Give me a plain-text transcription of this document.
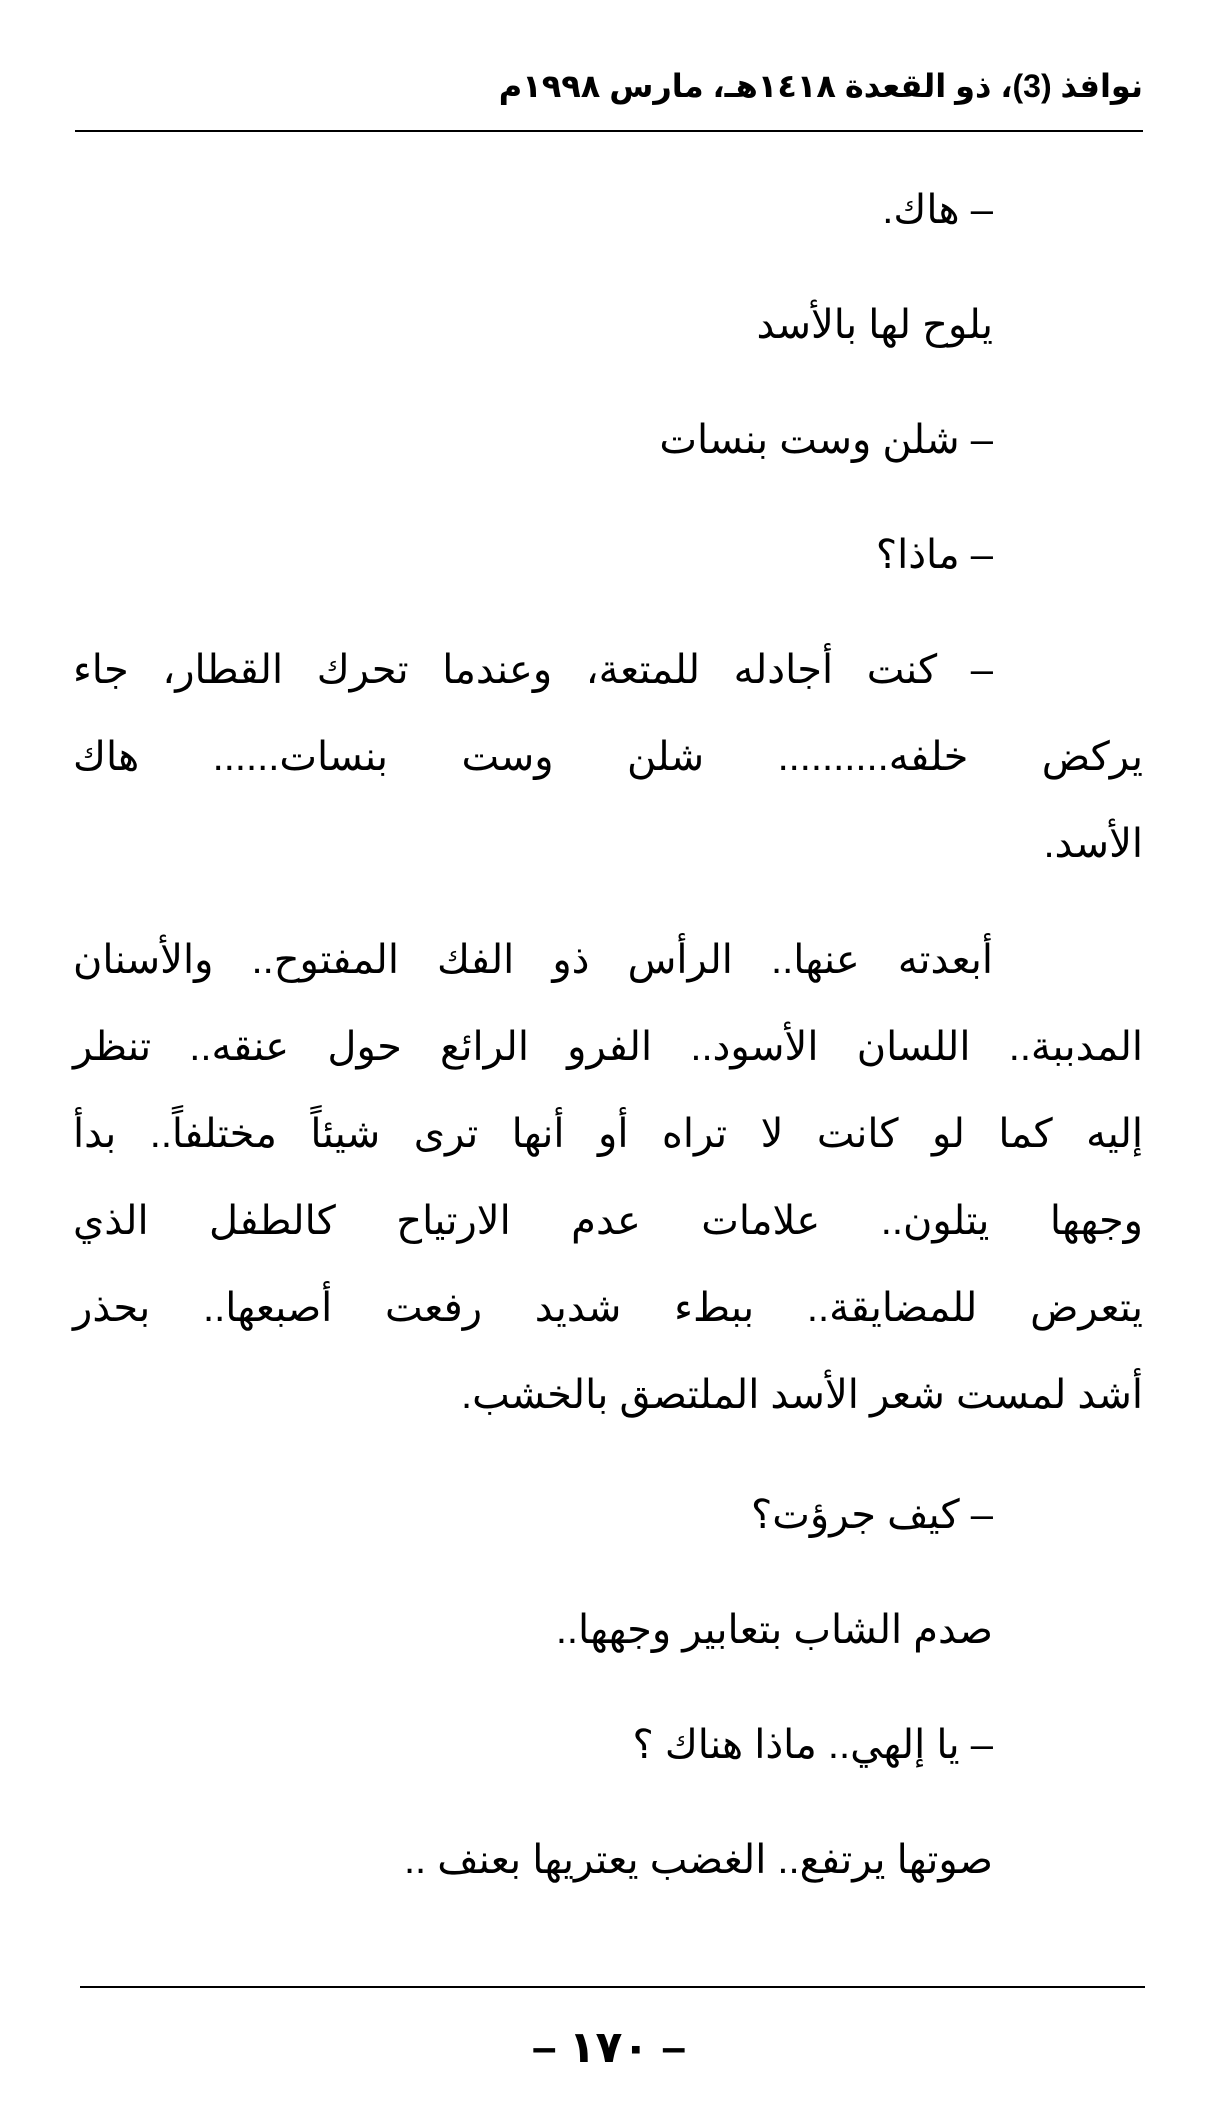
نوافذ (3)، ذو القعدة ١٤١٨هـ، مارس ١٩٩٨م
– هاك.
يلوح لها بالأسد
– شلن وست بنسات
– ماذا؟
– كنت أجادله للمتعة، وعندما تحرك القطار، جاء
يركض خلفه.......... شلن وست بنسات...... هاك
الأسد.
أبعدته عنها.. الرأس ذو الفك المفتوح.. والأسنان
المدببة.. اللسان الأسود.. الفرو الرائع حول عنقه.. تنظر
إليه كما لو كانت لا تراه أو أنها ترى شيئاً مختلفاً.. بدأ
وجهها يتلون.. علامات عدم الارتياح كالطفل الذي
يتعرض للمضايقة.. ببطء شديد رفعت أصبعها.. بحذر
أشد لمست شعر الأسد الملتصق بالخشب.
– كيف جرؤت؟
صدم الشاب بتعابير وجهها..
– يا إلهي.. ماذا هناك ؟
صوتها يرتفع.. الغضب يعتريها بعنف ..
– ١٧٠ –
